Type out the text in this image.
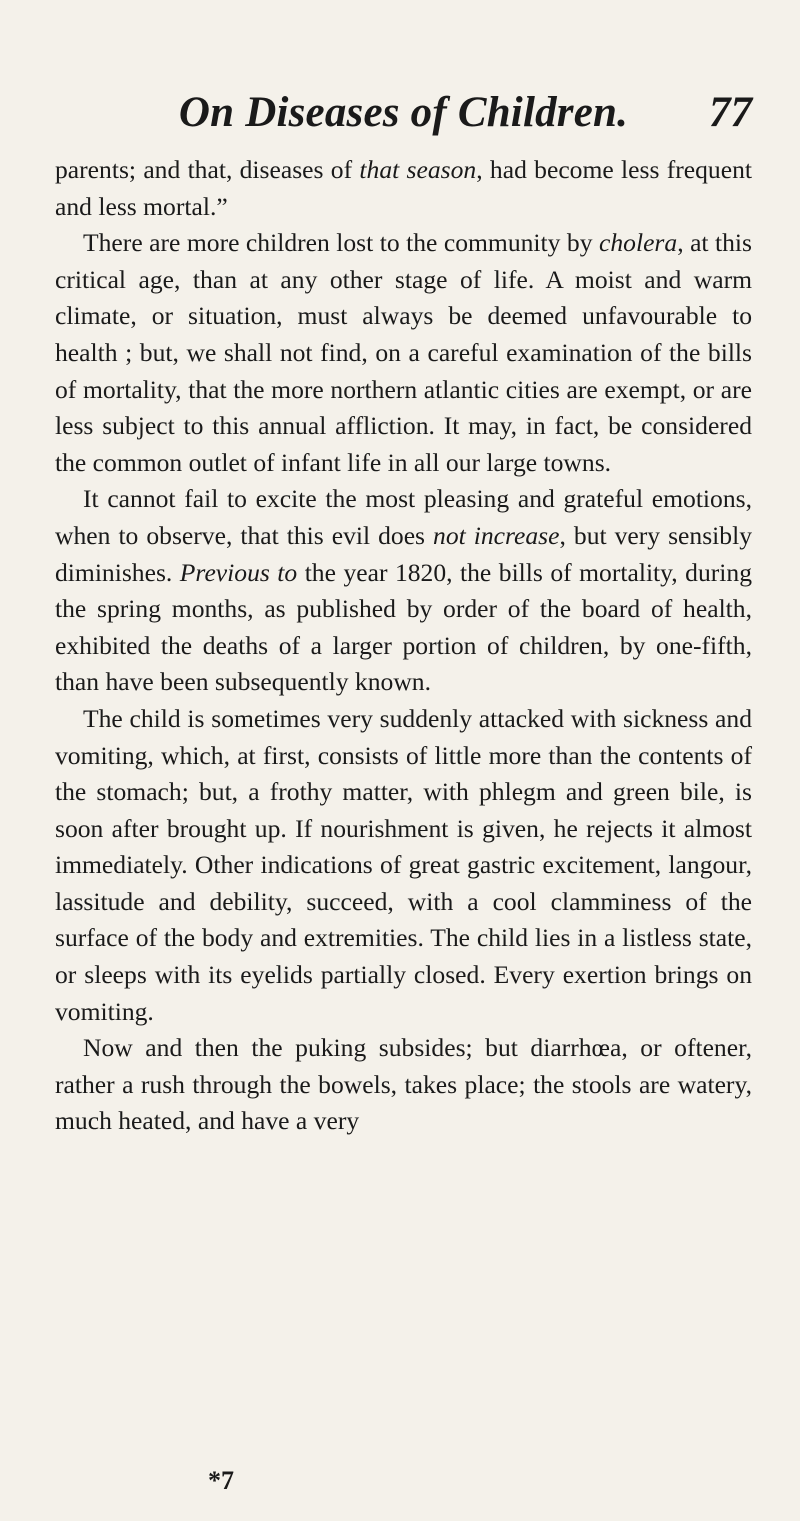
On Diseases of Children.	77

parents; and that, diseases of that season, had become less frequent and less mortal.”

There are more children lost to the community by cholera, at this critical age, than at any other stage of life. A moist and warm climate, or situation, must always be deemed unfavourable to health ; but, we shall not find, on a careful examination of the bills of mortality, that the more northern atlantic cities are exempt, or are less subject to this annual affliction. It may, in fact, be considered the common outlet of infant life in all our large towns.

It cannot fail to excite the most pleasing and grateful emotions, when to observe, that this evil does not increase, but very sensibly diminishes. Previous to the year 1820, the bills of mortality, during the spring months, as published by order of the board of health, exhibited the deaths of a larger portion of children, by one-fifth, than have been subsequently known.

The child is sometimes very suddenly attacked with sickness and vomiting, which, at first, consists of little more than the contents of the stomach; but, a frothy matter, with phlegm and green bile, is soon after brought up. If nourishment is given, he rejects it almost immediately. Other indications of great gastric excitement, langour, lassitude and debility, succeed, with a cool clamminess of the surface of the body and extremities. The child lies in a listless state, or sleeps with its eyelids partially closed. Every exertion brings on vomiting.

Now and then the puking subsides; but diarrhœa, or oftener, rather a rush through the bowels, takes place; the stools are watery, much heated, and have a very

*7
